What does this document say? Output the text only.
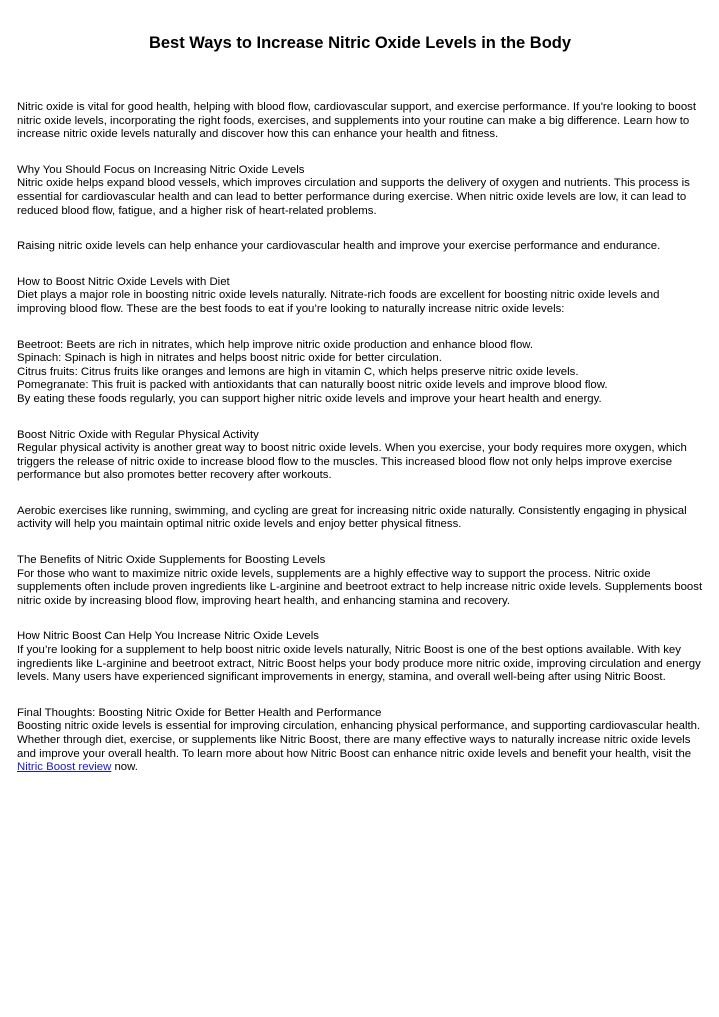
Best Ways to Increase Nitric Oxide Levels in the Body

Nitric oxide is vital for good health, helping with blood flow, cardiovascular support, and exercise performance. If you're looking to boost nitric oxide levels, incorporating the right foods, exercises, and supplements into your routine can make a big difference. Learn how to increase nitric oxide levels naturally and discover how this can enhance your health and fitness.

Why You Should Focus on Increasing Nitric Oxide Levels

Nitric oxide helps expand blood vessels, which improves circulation and supports the delivery of oxygen and nutrients. This process is essential for cardiovascular health and can lead to better performance during exercise. When nitric oxide levels are low, it can lead to reduced blood flow, fatigue, and a higher risk of heart-related problems.

Raising nitric oxide levels can help enhance your cardiovascular health and improve your exercise performance and endurance.

How to Boost Nitric Oxide Levels with Diet

Diet plays a major role in boosting nitric oxide levels naturally. Nitrate-rich foods are excellent for boosting nitric oxide levels and improving blood flow. These are the best foods to eat if you’re looking to naturally increase nitric oxide levels:

Beetroot: Beets are rich in nitrates, which help improve nitric oxide production and enhance blood flow.

Spinach: Spinach is high in nitrates and helps boost nitric oxide for better circulation.

Citrus fruits: Citrus fruits like oranges and lemons are high in vitamin C, which helps preserve nitric oxide levels.

Pomegranate: This fruit is packed with antioxidants that can naturally boost nitric oxide levels and improve blood flow.

By eating these foods regularly, you can support higher nitric oxide levels and improve your heart health and energy.

Boost Nitric Oxide with Regular Physical Activity

Regular physical activity is another great way to boost nitric oxide levels. When you exercise, your body requires more oxygen, which triggers the release of nitric oxide to increase blood flow to the muscles. This increased blood flow not only helps improve exercise performance but also promotes better recovery after workouts.

Aerobic exercises like running, swimming, and cycling are great for increasing nitric oxide naturally. Consistently engaging in physical activity will help you maintain optimal nitric oxide levels and enjoy better physical fitness.

The Benefits of Nitric Oxide Supplements for Boosting Levels

For those who want to maximize nitric oxide levels, supplements are a highly effective way to support the process. Nitric oxide supplements often include proven ingredients like L-arginine and beetroot extract to help increase nitric oxide levels. Supplements boost nitric oxide by increasing blood flow, improving heart health, and enhancing stamina and recovery.

How Nitric Boost Can Help You Increase Nitric Oxide Levels

If you’re looking for a supplement to help boost nitric oxide levels naturally, Nitric Boost is one of the best options available. With key ingredients like L-arginine and beetroot extract, Nitric Boost helps your body produce more nitric oxide, improving circulation and energy levels. Many users have experienced significant improvements in energy, stamina, and overall well-being after using Nitric Boost.

Final Thoughts: Boosting Nitric Oxide for Better Health and Performance

Boosting nitric oxide levels is essential for improving circulation, enhancing physical performance, and supporting cardiovascular health. Whether through diet, exercise, or supplements like Nitric Boost, there are many effective ways to naturally increase nitric oxide levels and improve your overall health. To learn more about how Nitric Boost can enhance nitric oxide levels and benefit your health, visit the Nitric Boost review now.
